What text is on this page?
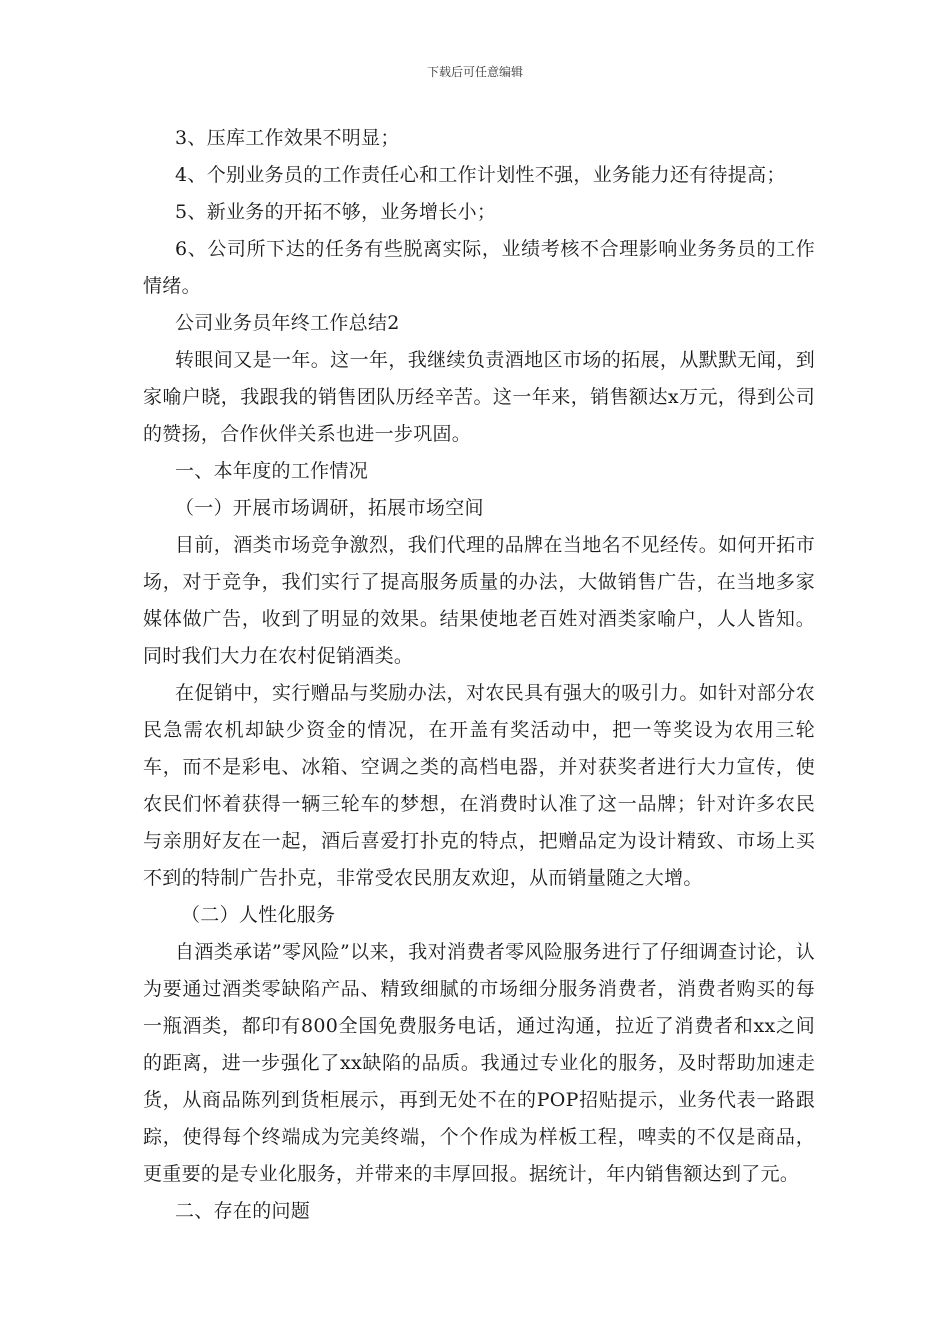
下载后可任意编辑

3、压库工作效果不明显；

4、个别业务员的工作责任心和工作计划性不强，业务能力还有待提高；

5、新业务的开拓不够，业务增长小；

6、公司所下达的任务有些脱离实际，业绩考核不合理影响业务务员的工作情绪。

公司业务员年终工作总结2

转眼间又是一年。这一年，我继续负责酒地区市场的拓展，从默默无闻，到家喻户晓，我跟我的销售团队历经辛苦。这一年来，销售额达x万元，得到公司的赞扬，合作伙伴关系也进一步巩固。

一、本年度的工作情况

（一）开展市场调研，拓展市场空间

目前，酒类市场竞争激烈，我们代理的品牌在当地名不见经传。如何开拓市场，对于竞争，我们实行了提高服务质量的办法，大做销售广告，在当地多家媒体做广告，收到了明显的效果。结果使地老百姓对酒类家喻户，人人皆知。同时我们大力在农村促销酒类。

在促销中，实行赠品与奖励办法，对农民具有强大的吸引力。如针对部分农民急需农机却缺少资金的情况，在开盖有奖活动中，把一等奖设为农用三轮车，而不是彩电、冰箱、空调之类的高档电器，并对获奖者进行大力宣传，使农民们怀着获得一辆三轮车的梦想，在消费时认准了这一品牌；针对许多农民与亲朋好友在一起，酒后喜爱打扑克的特点，把赠品定为设计精致、市场上买不到的特制广告扑克，非常受农民朋友欢迎，从而销量随之大增。

（二）人性化服务

自酒类承诺”零风险”以来，我对消费者零风险服务进行了仔细调查讨论，认为要通过酒类零缺陷产品、精致细腻的市场细分服务消费者，消费者购买的每一瓶酒类，都印有800全国免费服务电话，通过沟通，拉近了消费者和xx之间的距离，进一步强化了xx缺陷的品质。我通过专业化的服务，及时帮助加速走货，从商品陈列到货柜展示，再到无处不在的POP招贴提示，业务代表一路跟踪，使得每个终端成为完美终端，个个作成为样板工程，啤卖的不仅是商品，更重要的是专业化服务，并带来的丰厚回报。据统计，年内销售额达到了元。

二、存在的问题
